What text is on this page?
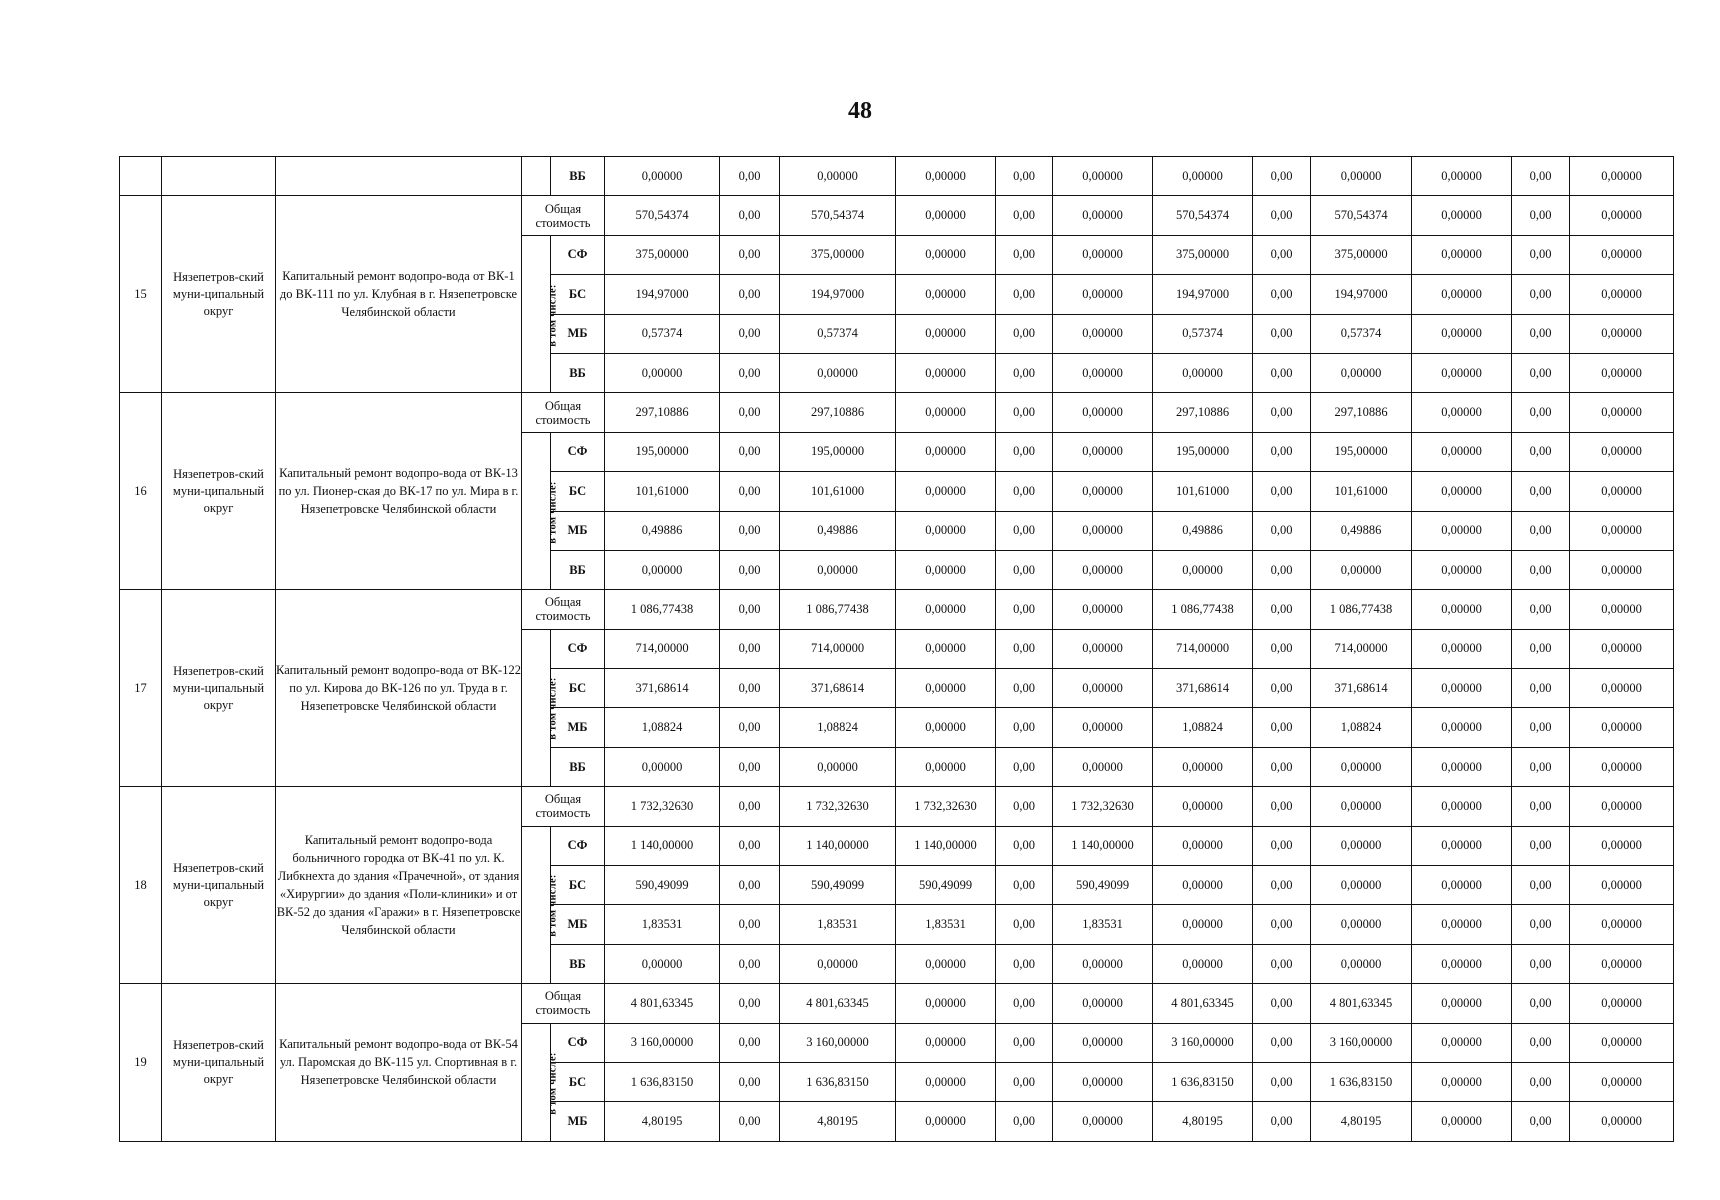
48
				ВБ	0,00000	0,00	0,00000	0,00000	0,00	0,00000	0,00000	0,00	0,00000	0,00000	0,00	0,00000
15	Нязепетров-ский муни-ципальный округ	Капитальный ремонт водопро-вода от ВК-1 до ВК-111 по ул. Клубная в г. Нязепетровске Челябинской области	Общая стоимость		570,54374	0,00	570,54374	0,00000	0,00	0,00000	570,54374	0,00	570,54374	0,00000	0,00	0,00000
			в том числе:	СФ	375,00000	0,00	375,00000	0,00000	0,00	0,00000	375,00000	0,00	375,00000	0,00000	0,00	0,00000
				БС	194,97000	0,00	194,97000	0,00000	0,00	0,00000	194,97000	0,00	194,97000	0,00000	0,00	0,00000
				МБ	0,57374	0,00	0,57374	0,00000	0,00	0,00000	0,57374	0,00	0,57374	0,00000	0,00	0,00000
				ВБ	0,00000	0,00	0,00000	0,00000	0,00	0,00000	0,00000	0,00	0,00000	0,00000	0,00	0,00000
16	Нязепетров-ский муни-ципальный округ	Капитальный ремонт водопро-вода от ВК-13 по ул. Пионер-ская до ВК-17 по ул. Мира в г. Нязепетровске Челябинской области	Общая стоимость		297,10886	0,00	297,10886	0,00000	0,00	0,00000	297,10886	0,00	297,10886	0,00000	0,00	0,00000
			в том числе:	СФ	195,00000	0,00	195,00000	0,00000	0,00	0,00000	195,00000	0,00	195,00000	0,00000	0,00	0,00000
				БС	101,61000	0,00	101,61000	0,00000	0,00	0,00000	101,61000	0,00	101,61000	0,00000	0,00	0,00000
				МБ	0,49886	0,00	0,49886	0,00000	0,00	0,00000	0,49886	0,00	0,49886	0,00000	0,00	0,00000
				ВБ	0,00000	0,00	0,00000	0,00000	0,00	0,00000	0,00000	0,00	0,00000	0,00000	0,00	0,00000
17	Нязепетров-ский муни-ципальный округ	Капитальный ремонт водопро-вода от ВК-122 по ул. Кирова до ВК-126 по ул. Труда в г. Нязепетровске Челябинской области	Общая стоимость		1 086,77438	0,00	1 086,77438	0,00000	0,00	0,00000	1 086,77438	0,00	1 086,77438	0,00000	0,00	0,00000
			в том числе:	СФ	714,00000	0,00	714,00000	0,00000	0,00	0,00000	714,00000	0,00	714,00000	0,00000	0,00	0,00000
				БС	371,68614	0,00	371,68614	0,00000	0,00	0,00000	371,68614	0,00	371,68614	0,00000	0,00	0,00000
				МБ	1,08824	0,00	1,08824	0,00000	0,00	0,00000	1,08824	0,00	1,08824	0,00000	0,00	0,00000
				ВБ	0,00000	0,00	0,00000	0,00000	0,00	0,00000	0,00000	0,00	0,00000	0,00000	0,00	0,00000
18	Нязепетров-ский муни-ципальный округ	Капитальный ремонт водопро-вода больничного городка от ВК-41 по ул. К. Либкнехта до здания «Прачечной», от здания «Хирургии» до здания «Поли-клиники» и от ВК-52 до здания «Гаражи» в г. Нязепетровске Челябинской области	Общая стоимость		1 732,32630	0,00	1 732,32630	1 732,32630	0,00	1 732,32630	0,00000	0,00	0,00000	0,00000	0,00	0,00000
			в том числе:	СФ	1 140,00000	0,00	1 140,00000	1 140,00000	0,00	1 140,00000	0,00000	0,00	0,00000	0,00000	0,00	0,00000
				БС	590,49099	0,00	590,49099	590,49099	0,00	590,49099	0,00000	0,00	0,00000	0,00000	0,00	0,00000
				МБ	1,83531	0,00	1,83531	1,83531	0,00	1,83531	0,00000	0,00	0,00000	0,00000	0,00	0,00000
				ВБ	0,00000	0,00	0,00000	0,00000	0,00	0,00000	0,00000	0,00	0,00000	0,00000	0,00	0,00000
19	Нязепетров-ский муни-ципальный округ	Капитальный ремонт водопро-вода от ВК-54 ул. Паромская до ВК-115 ул. Спортивная в г. Нязепетровске Челябинской области	Общая стоимость		4 801,63345	0,00	4 801,63345	0,00000	0,00	0,00000	4 801,63345	0,00	4 801,63345	0,00000	0,00	0,00000
			в том числе:	СФ	3 160,00000	0,00	3 160,00000	0,00000	0,00	0,00000	3 160,00000	0,00	3 160,00000	0,00000	0,00	0,00000
				БС	1 636,83150	0,00	1 636,83150	0,00000	0,00	0,00000	1 636,83150	0,00	1 636,83150	0,00000	0,00	0,00000
				МБ	4,80195	0,00	4,80195	0,00000	0,00	0,00000	4,80195	0,00	4,80195	0,00000	0,00	0,00000
